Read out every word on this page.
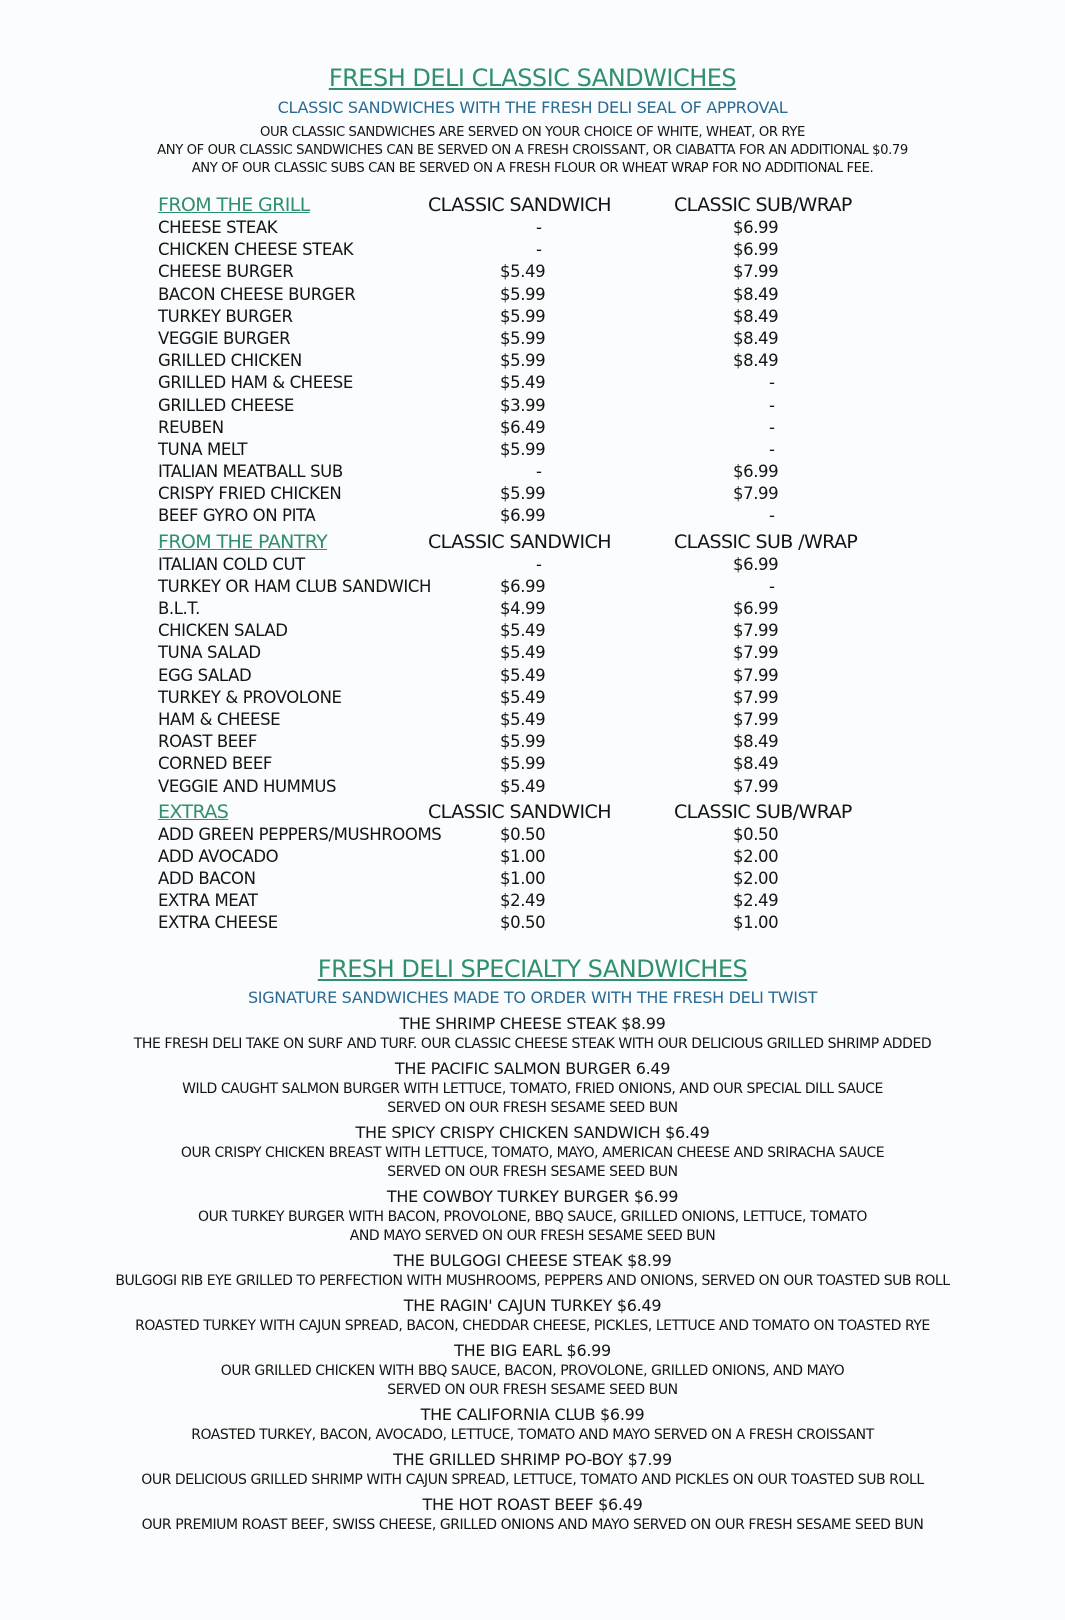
FRESH DELI CLASSIC SANDWICHES
CLASSIC SANDWICHES WITH THE FRESH DELI SEAL OF APPROVAL
OUR CLASSIC SANDWICHES ARE SERVED ON YOUR CHOICE OF WHITE, WHEAT, OR RYE
ANY OF OUR CLASSIC SANDWICHES CAN BE SERVED ON A FRESH CROISSANT, OR CIABATTA FOR AN ADDITIONAL $0.79
ANY OF OUR CLASSIC SUBS CAN BE SERVED ON A FRESH FLOUR OR WHEAT WRAP FOR NO ADDITIONAL FEE.
FROM THE GRILL	CLASSIC SANDWICH	CLASSIC SUB/WRAP
CHEESE STEAK	-	$6.99
CHICKEN CHEESE STEAK	-	$6.99
CHEESE BURGER	$5.49	$7.99
BACON CHEESE BURGER	$5.99	$8.49
TURKEY BURGER	$5.99	$8.49
VEGGIE BURGER	$5.99	$8.49
GRILLED CHICKEN	$5.99	$8.49
GRILLED HAM & CHEESE	$5.49	-
GRILLED CHEESE	$3.99	-
REUBEN	$6.49	-
TUNA MELT	$5.99	-
ITALIAN MEATBALL SUB	-	$6.99
CRISPY FRIED CHICKEN	$5.99	$7.99
BEEF GYRO ON PITA	$6.99	-
FROM THE PANTRY	CLASSIC SANDWICH	CLASSIC SUB /WRAP
ITALIAN COLD CUT	-	$6.99
TURKEY OR HAM CLUB SANDWICH	$6.99	-
B.L.T.	$4.99	$6.99
CHICKEN SALAD	$5.49	$7.99
TUNA SALAD	$5.49	$7.99
EGG SALAD	$5.49	$7.99
TURKEY & PROVOLONE	$5.49	$7.99
HAM & CHEESE	$5.49	$7.99
ROAST BEEF	$5.99	$8.49
CORNED BEEF	$5.99	$8.49
VEGGIE AND HUMMUS	$5.49	$7.99
EXTRAS	CLASSIC SANDWICH	CLASSIC SUB/WRAP
ADD GREEN PEPPERS/MUSHROOMS	$0.50	$0.50
ADD AVOCADO	$1.00	$2.00
ADD BACON	$1.00	$2.00
EXTRA MEAT	$2.49	$2.49
EXTRA CHEESE	$0.50	$1.00
FRESH DELI SPECIALTY SANDWICHES
SIGNATURE SANDWICHES MADE TO ORDER WITH THE FRESH DELI TWIST
THE SHRIMP CHEESE STEAK $8.99
THE FRESH DELI TAKE ON SURF AND TURF. OUR CLASSIC CHEESE STEAK WITH OUR DELICIOUS GRILLED SHRIMP ADDED
THE PACIFIC SALMON BURGER 6.49
WILD CAUGHT SALMON BURGER WITH LETTUCE, TOMATO, FRIED ONIONS, AND OUR SPECIAL DILL SAUCE
SERVED ON OUR FRESH SESAME SEED BUN
THE SPICY CRISPY CHICKEN SANDWICH $6.49
OUR CRISPY CHICKEN BREAST WITH LETTUCE, TOMATO, MAYO, AMERICAN CHEESE AND SRIRACHA SAUCE
SERVED ON OUR FRESH SESAME SEED BUN
THE COWBOY TURKEY BURGER $6.99
OUR TURKEY BURGER WITH BACON, PROVOLONE, BBQ SAUCE, GRILLED ONIONS, LETTUCE, TOMATO
AND MAYO SERVED ON OUR FRESH SESAME SEED BUN
THE BULGOGI CHEESE STEAK $8.99
BULGOGI RIB EYE GRILLED TO PERFECTION WITH MUSHROOMS, PEPPERS AND ONIONS, SERVED ON OUR TOASTED SUB ROLL
THE RAGIN' CAJUN TURKEY $6.49
ROASTED TURKEY WITH CAJUN SPREAD, BACON, CHEDDAR CHEESE, PICKLES, LETTUCE AND TOMATO ON TOASTED RYE
THE BIG EARL $6.99
OUR GRILLED CHICKEN WITH BBQ SAUCE, BACON, PROVOLONE, GRILLED ONIONS, AND MAYO
SERVED ON OUR FRESH SESAME SEED BUN
THE CALIFORNIA CLUB $6.99
ROASTED TURKEY, BACON, AVOCADO, LETTUCE, TOMATO AND MAYO SERVED ON A FRESH CROISSANT
THE GRILLED SHRIMP PO-BOY $7.99
OUR DELICIOUS GRILLED SHRIMP WITH CAJUN SPREAD, LETTUCE, TOMATO AND PICKLES ON OUR TOASTED SUB ROLL
THE HOT ROAST BEEF $6.49
OUR PREMIUM ROAST BEEF, SWISS CHEESE, GRILLED ONIONS AND MAYO SERVED ON OUR FRESH SESAME SEED BUN
